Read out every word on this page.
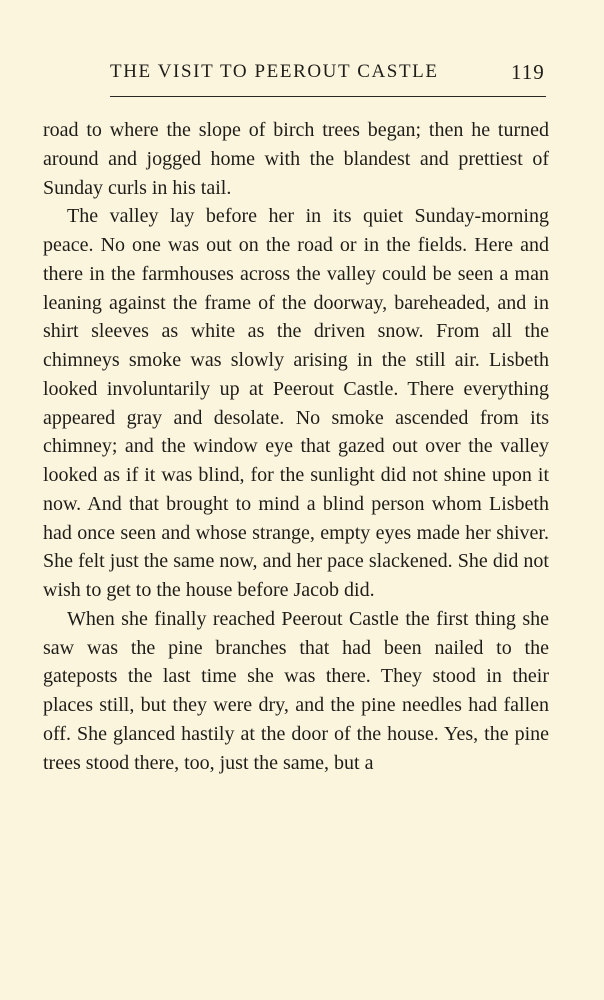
THE VISIT TO PEEROUT CASTLE	119

road to where the slope of birch trees began; then he turned around and jogged home with the blandest and prettiest of Sunday curls in his tail.

The valley lay before her in its quiet Sunday-morning peace. No one was out on the road or in the fields. Here and there in the farmhouses across the valley could be seen a man leaning against the frame of the doorway, bareheaded, and in shirt sleeves as white as the driven snow. From all the chimneys smoke was slowly arising in the still air. Lisbeth looked involuntarily up at Peerout Castle. There everything appeared gray and desolate. No smoke ascended from its chimney; and the window eye that gazed out over the valley looked as if it was blind, for the sunlight did not shine upon it now. And that brought to mind a blind person whom Lisbeth had once seen and whose strange, empty eyes made her shiver. She felt just the same now, and her pace slackened. She did not wish to get to the house before Jacob did.

When she finally reached Peerout Castle the first thing she saw was the pine branches that had been nailed to the gateposts the last time she was there. They stood in their places still, but they were dry, and the pine needles had fallen off. She glanced hastily at the door of the house. Yes, the pine trees stood there, too, just the same, but a
